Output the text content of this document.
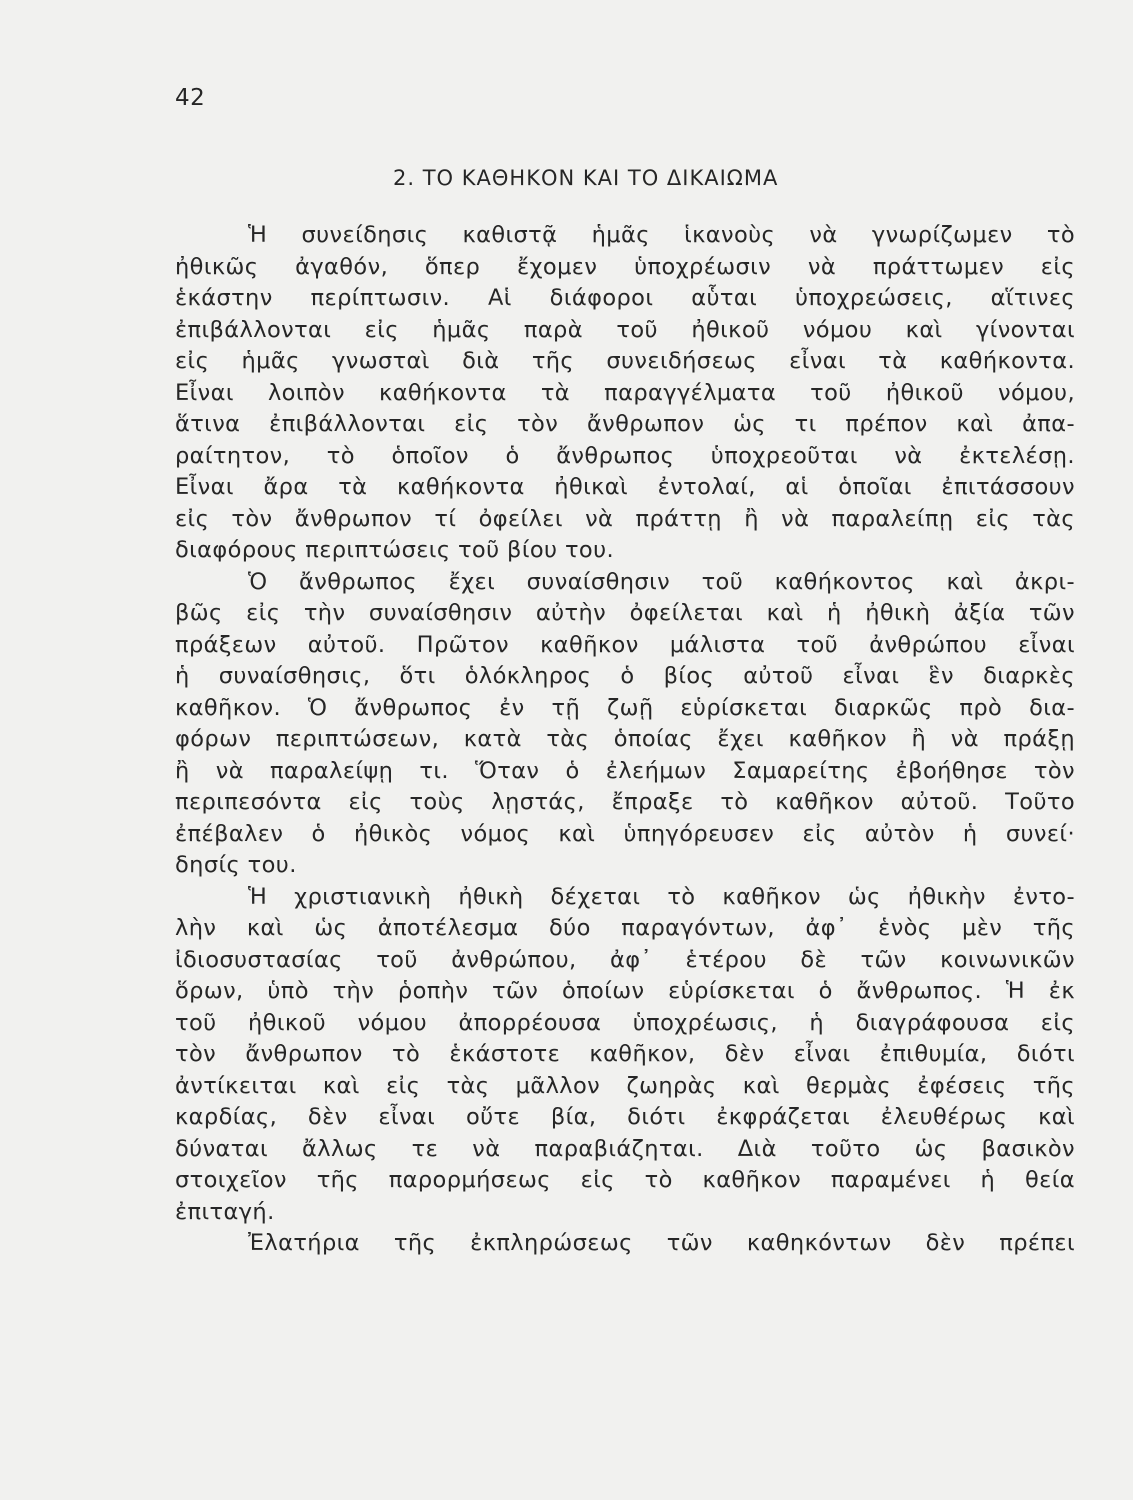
42
2. ΤΟ ΚΑΘΗΚΟΝ ΚΑΙ ΤΟ ΔΙΚΑΙΩΜΑ
Ἡ συνείδησις καθιστᾷ ἡμᾶς ἱκανοὺς νὰ γνωρίζωμεν τὸ
ἠθικῶς ἀγαθόν, ὅπερ ἔχομεν ὑποχρέωσιν νὰ πράττωμεν εἰς
ἑκάστην περίπτωσιν. Αἱ διάφοροι αὗται ὑποχρεώσεις, αἵτινες
ἐπιβάλλονται εἰς ἡμᾶς παρὰ τοῦ ἠθικοῦ νόμου καὶ γίνονται
εἰς ἡμᾶς γνωσταὶ διὰ τῆς συνειδήσεως εἶναι τὰ καθήκοντα.
Εἶναι λοιπὸν καθήκοντα τὰ παραγγέλματα τοῦ ἠθικοῦ νόμου,
ἅτινα ἐπιβάλλονται εἰς τὸν ἄνθρωπον ὡς τι πρέπον καὶ ἀπα-
ραίτητον, τὸ ὁποῖον ὁ ἄνθρωπος ὑποχρεοῦται νὰ ἐκτελέσῃ.
Εἶναι ἄρα τὰ καθήκοντα ἠθικαὶ ἐντολαί, αἱ ὁποῖαι ἐπιτάσσουν
εἰς τὸν ἄνθρωπον τί ὀφείλει νὰ πράττῃ ἢ νὰ παραλείπῃ εἰς τὰς
διαφόρους περιπτώσεις τοῦ βίου του.
Ὁ ἄνθρωπος ἔχει συναίσθησιν τοῦ καθήκοντος καὶ ἀκρι-
βῶς εἰς τὴν συναίσθησιν αὐτὴν ὀφείλεται καὶ ἡ ἠθικὴ ἀξία τῶν
πράξεων αὐτοῦ. Πρῶτον καθῆκον μάλιστα τοῦ ἀνθρώπου εἶναι
ἡ συναίσθησις, ὅτι ὁλόκληρος ὁ βίος αὐτοῦ εἶναι ἓν διαρκὲς
καθῆκον. Ὁ ἄνθρωπος ἐν τῇ ζωῇ εὑρίσκεται διαρκῶς πρὸ δια-
φόρων περιπτώσεων, κατὰ τὰς ὁποίας ἔχει καθῆκον ἢ νὰ πράξῃ
ἢ νὰ παραλείψῃ τι. Ὅταν ὁ ἐλεήμων Σαμαρείτης ἐβοήθησε τὸν
περιπεσόντα εἰς τοὺς λῃστάς, ἔπραξε τὸ καθῆκον αὐτοῦ. Τοῦτο
ἐπέβαλεν ὁ ἠθικὸς νόμος καὶ ὑπηγόρευσεν εἰς αὐτὸν ἡ συνεί·
δησίς του.
Ἡ χριστιανικὴ ἠθικὴ δέχεται τὸ καθῆκον ὡς ἠθικὴν ἐντο-
λὴν καὶ ὡς ἀποτέλεσμα δύο παραγόντων, ἀφ᾽ ἑνὸς μὲν τῆς
ἰδιοσυστασίας τοῦ ἀνθρώπου, ἀφ᾽ ἑτέρου δὲ τῶν κοινωνικῶν
ὅρων, ὑπὸ τὴν ῥοπὴν τῶν ὁποίων εὑρίσκεται ὁ ἄνθρωπος. Ἡ ἐκ
τοῦ ἠθικοῦ νόμου ἀπορρέουσα ὑποχρέωσις, ἡ διαγράφουσα εἰς
τὸν ἄνθρωπον τὸ ἑκάστοτε καθῆκον, δὲν εἶναι ἐπιθυμία, διότι
ἀντίκειται καὶ εἰς τὰς μᾶλλον ζωηρὰς καὶ θερμὰς ἐφέσεις τῆς
καρδίας, δὲν εἶναι οὔτε βία, διότι ἐκφράζεται ἐλευθέρως καὶ
δύναται ἄλλως τε νὰ παραβιάζηται. Διὰ τοῦτο ὡς βασικὸν
στοιχεῖον τῆς παρορμήσεως εἰς τὸ καθῆκον παραμένει ἡ θεία
ἐπιταγή.
Ἐλατήρια τῆς ἐκπληρώσεως τῶν καθηκόντων δὲν πρέπει
